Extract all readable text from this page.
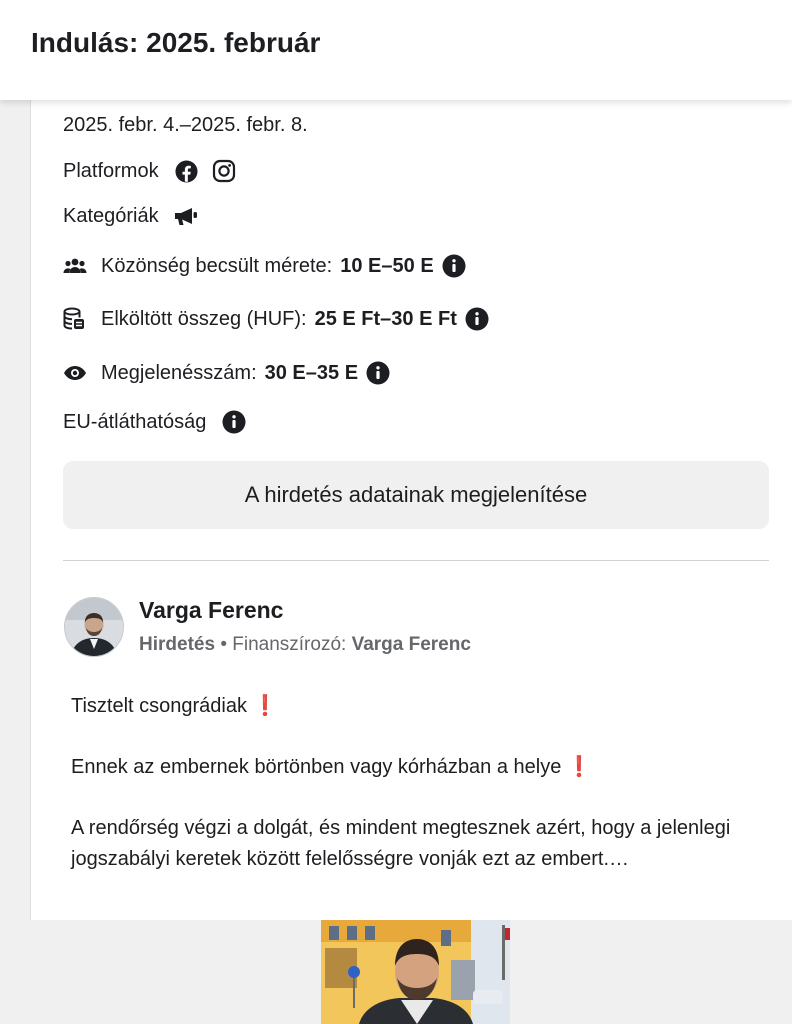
Indulás: 2025. február
2025. febr. 4.–2025. febr. 8.
Platformok
Kategóriák
Közönség becsült mérete: 10 E–50 E
Elköltött összeg (HUF): 25 E Ft–30 E Ft
Megjelenésszám: 30 E–35 E
EU-átláthatóság
A hirdetés adatainak megjelenítése
Varga Ferenc
Hirdetés • Finanszírozó: Varga Ferenc
Tisztelt csongrádiak ❗
Ennek az embernek börtönben vagy kórházban a helye ❗
A rendőrség végzi a dolgát, és mindent megtesznek azért, hogy a jelenlegi jogszabályi keretek között felelősségre vonják ezt az embert.…
